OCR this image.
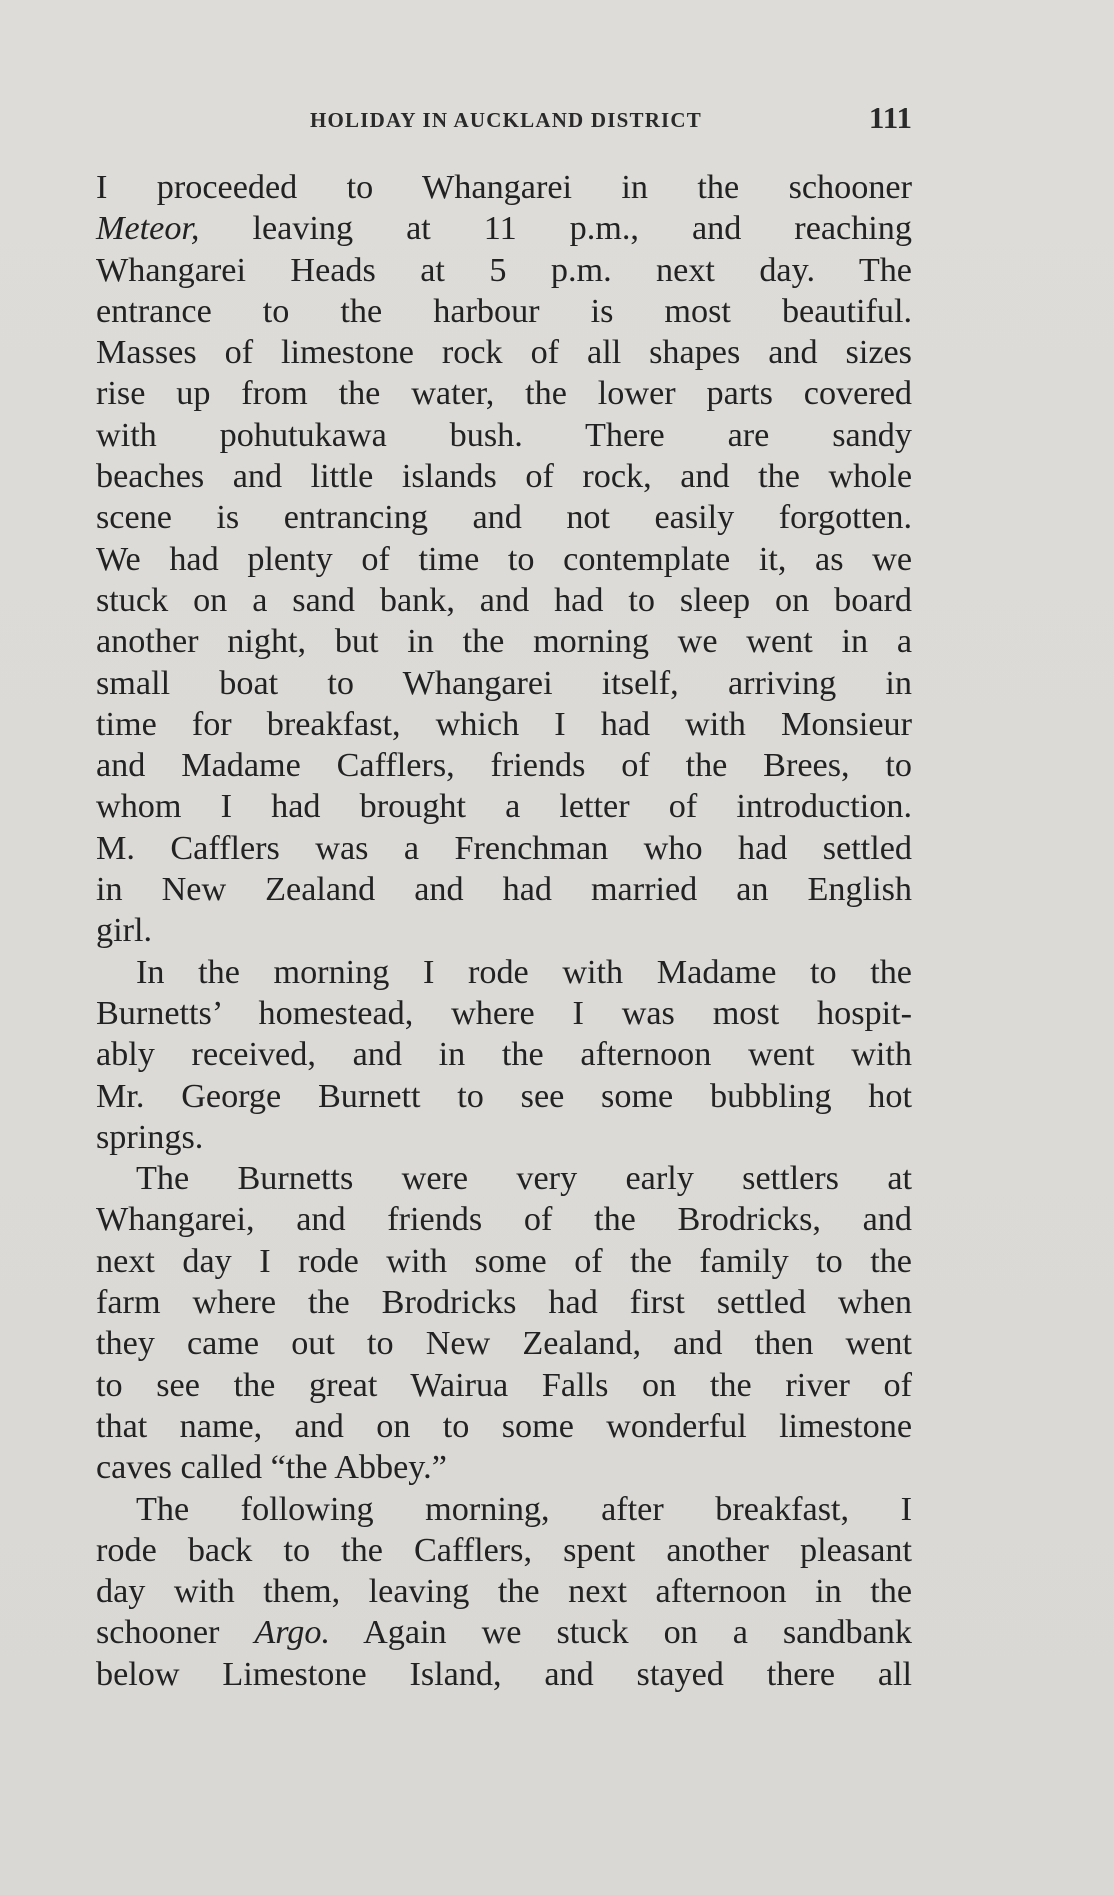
HOLIDAY IN AUCKLAND DISTRICT	111
I proceeded to Whangarei in the schooner
Meteor, leaving at 11 p.m., and reaching
Whangarei Heads at 5 p.m. next day. The
entrance to the harbour is most beautiful.
Masses of limestone rock of all shapes and sizes
rise up from the water, the lower parts covered
with pohutukawa bush. There are sandy
beaches and little islands of rock, and the whole
scene is entrancing and not easily forgotten.
We had plenty of time to contemplate it, as we
stuck on a sand bank, and had to sleep on board
another night, but in the morning we went in a
small boat to Whangarei itself, arriving in
time for breakfast, which I had with Monsieur
and Madame Cafflers, friends of the Brees, to
whom I had brought a letter of introduction.
M. Cafflers was a Frenchman who had settled
in New Zealand and had married an English
girl.
In the morning I rode with Madame to the
Burnetts’ homestead, where I was most hospit-
ably received, and in the afternoon went with
Mr. George Burnett to see some bubbling hot
springs.
The Burnetts were very early settlers at
Whangarei, and friends of the Brodricks, and
next day I rode with some of the family to the
farm where the Brodricks had first settled when
they came out to New Zealand, and then went
to see the great Wairua Falls on the river of
that name, and on to some wonderful limestone
caves called “the Abbey.”
The following morning, after breakfast, I
rode back to the Cafflers, spent another pleasant
day with them, leaving the next afternoon in the
schooner Argo. Again we stuck on a sandbank
below Limestone Island, and stayed there all
